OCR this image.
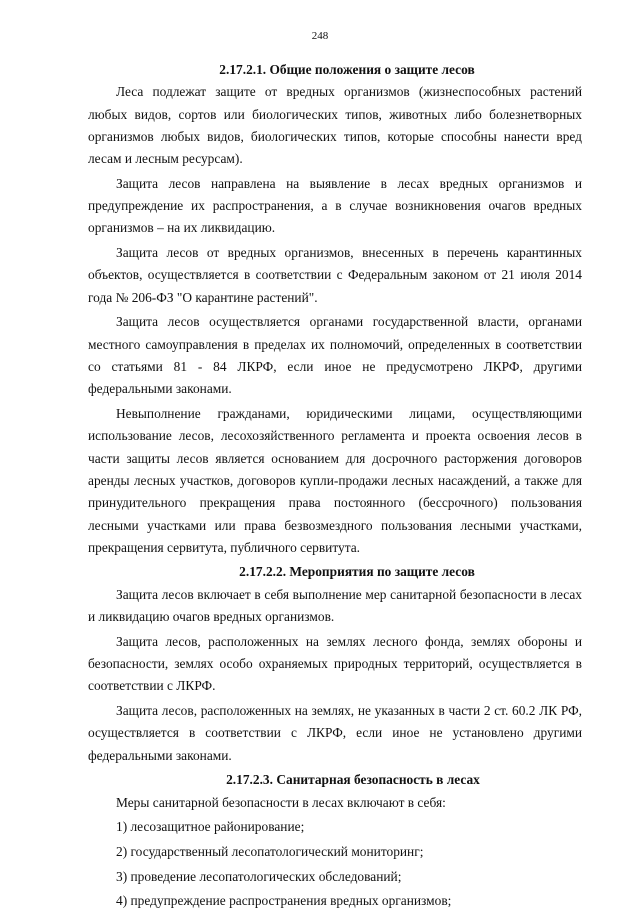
248
2.17.2.1. Общие положения о защите лесов

Леса подлежат защите от вредных организмов (жизнеспособных растений любых видов, сортов или биологических типов, животных либо болезнетворных организмов любых видов, биологических типов, которые способны нанести вред лесам и лесным ресурсам).

Защита лесов направлена на выявление в лесах вредных организмов и предупреждение их распространения, а в случае возникновения очагов вредных организмов – на их ликвидацию.

Защита лесов от вредных организмов, внесенных в перечень карантинных объектов, осуществляется в соответствии с Федеральным законом от 21 июля 2014 года № 206-ФЗ "О карантине растений".

Защита лесов осуществляется органами государственной власти, органами местного самоуправления в пределах их полномочий, определенных в соответствии со статьями 81 - 84 ЛКРФ, если иное не предусмотрено ЛКРФ, другими федеральными законами.

Невыполнение гражданами, юридическими лицами, осуществляющими использование лесов, лесохозяйственного регламента и проекта освоения лесов в части защиты лесов является основанием для досрочного расторжения договоров аренды лесных участков, договоров купли-продажи лесных насаждений, а также для принудительного прекращения права постоянного (бессрочного) пользования лесными участками или права безвозмездного пользования лесными участками, прекращения сервитута, публичного сервитута.

2.17.2.2. Мероприятия по защите лесов

Защита лесов включает в себя выполнение мер санитарной безопасности в лесах и ликвидацию очагов вредных организмов.

Защита лесов, расположенных на землях лесного фонда, землях обороны и безопасности, землях особо охраняемых природных территорий, осуществляется в соответствии с ЛКРФ.

Защита лесов, расположенных на землях, не указанных в части 2 ст. 60.2 ЛК РФ, осуществляется в соответствии с ЛКРФ, если иное не установлено другими федеральными законами.

2.17.2.3. Санитарная безопасность в лесах

Меры санитарной безопасности в лесах включают в себя:

1) лесозащитное районирование;

2) государственный лесопатологический мониторинг;

3) проведение лесопатологических обследований;

4) предупреждение распространения вредных организмов;
